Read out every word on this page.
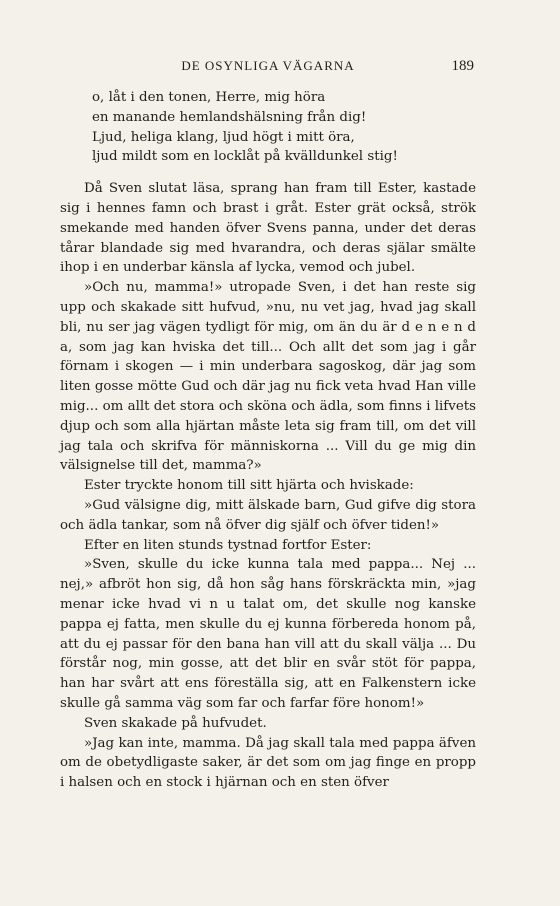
DE OSYNLIGA VÄGARNA	189
o, låt i den tonen, Herre, mig höra
en manande hemlandshälsning från dig!
Ljud, heliga klang, ljud högt i mitt öra,
ljud mildt som en locklåt på kvälldunkel stig!

Då Sven slutat läsa, sprang han fram till Ester, kastade sig i hennes famn och brast i gråt. Ester grät också, strök smekande med handen öfver Svens panna, under det deras tårar blandade sig med hvarandra, och deras själar smälte ihop i en underbar känsla af lycka, vemod och jubel.

»Och nu, mamma!» utropade Sven, i det han reste sig upp och skakade sitt hufvud, »nu, nu vet jag, hvad jag skall bli, nu ser jag vägen tydligt för mig, om än du är d e n e n d a, som jag kan hviska det till... Och allt det som jag i går förnam i skogen — i min underbara sagoskog, där jag som liten gosse mötte Gud och där jag nu fick veta hvad Han ville mig... om allt det stora och sköna och ädla, som finns i lifvets djup och som alla hjärtan måste leta sig fram till, om det vill jag tala och skrifva för människorna ... Vill du ge mig din välsignelse till det, mamma?»

Ester tryckte honom till sitt hjärta och hviskade:

»Gud välsigne dig, mitt älskade barn, Gud gifve dig stora och ädla tankar, som nå öfver dig själf och öfver tiden!»

Efter en liten stunds tystnad fortfor Ester:

»Sven, skulle du icke kunna tala med pappa... Nej ... nej,» afbröt hon sig, då hon såg hans förskräckta min, »jag menar icke hvad vi n u talat om, det skulle nog kanske pappa ej fatta, men skulle du ej kunna förbereda honom på, att du ej passar för den bana han vill att du skall välja ... Du förstår nog, min gosse, att det blir en svår stöt för pappa, han har svårt att ens föreställa sig, att en Falkenstern icke skulle gå samma väg som far och farfar före honom!»

Sven skakade på hufvudet.

»Jag kan inte, mamma. Då jag skall tala med pappa äfven om de obetydligaste saker, är det som om jag finge en propp i halsen och en stock i hjärnan och en sten öfver
